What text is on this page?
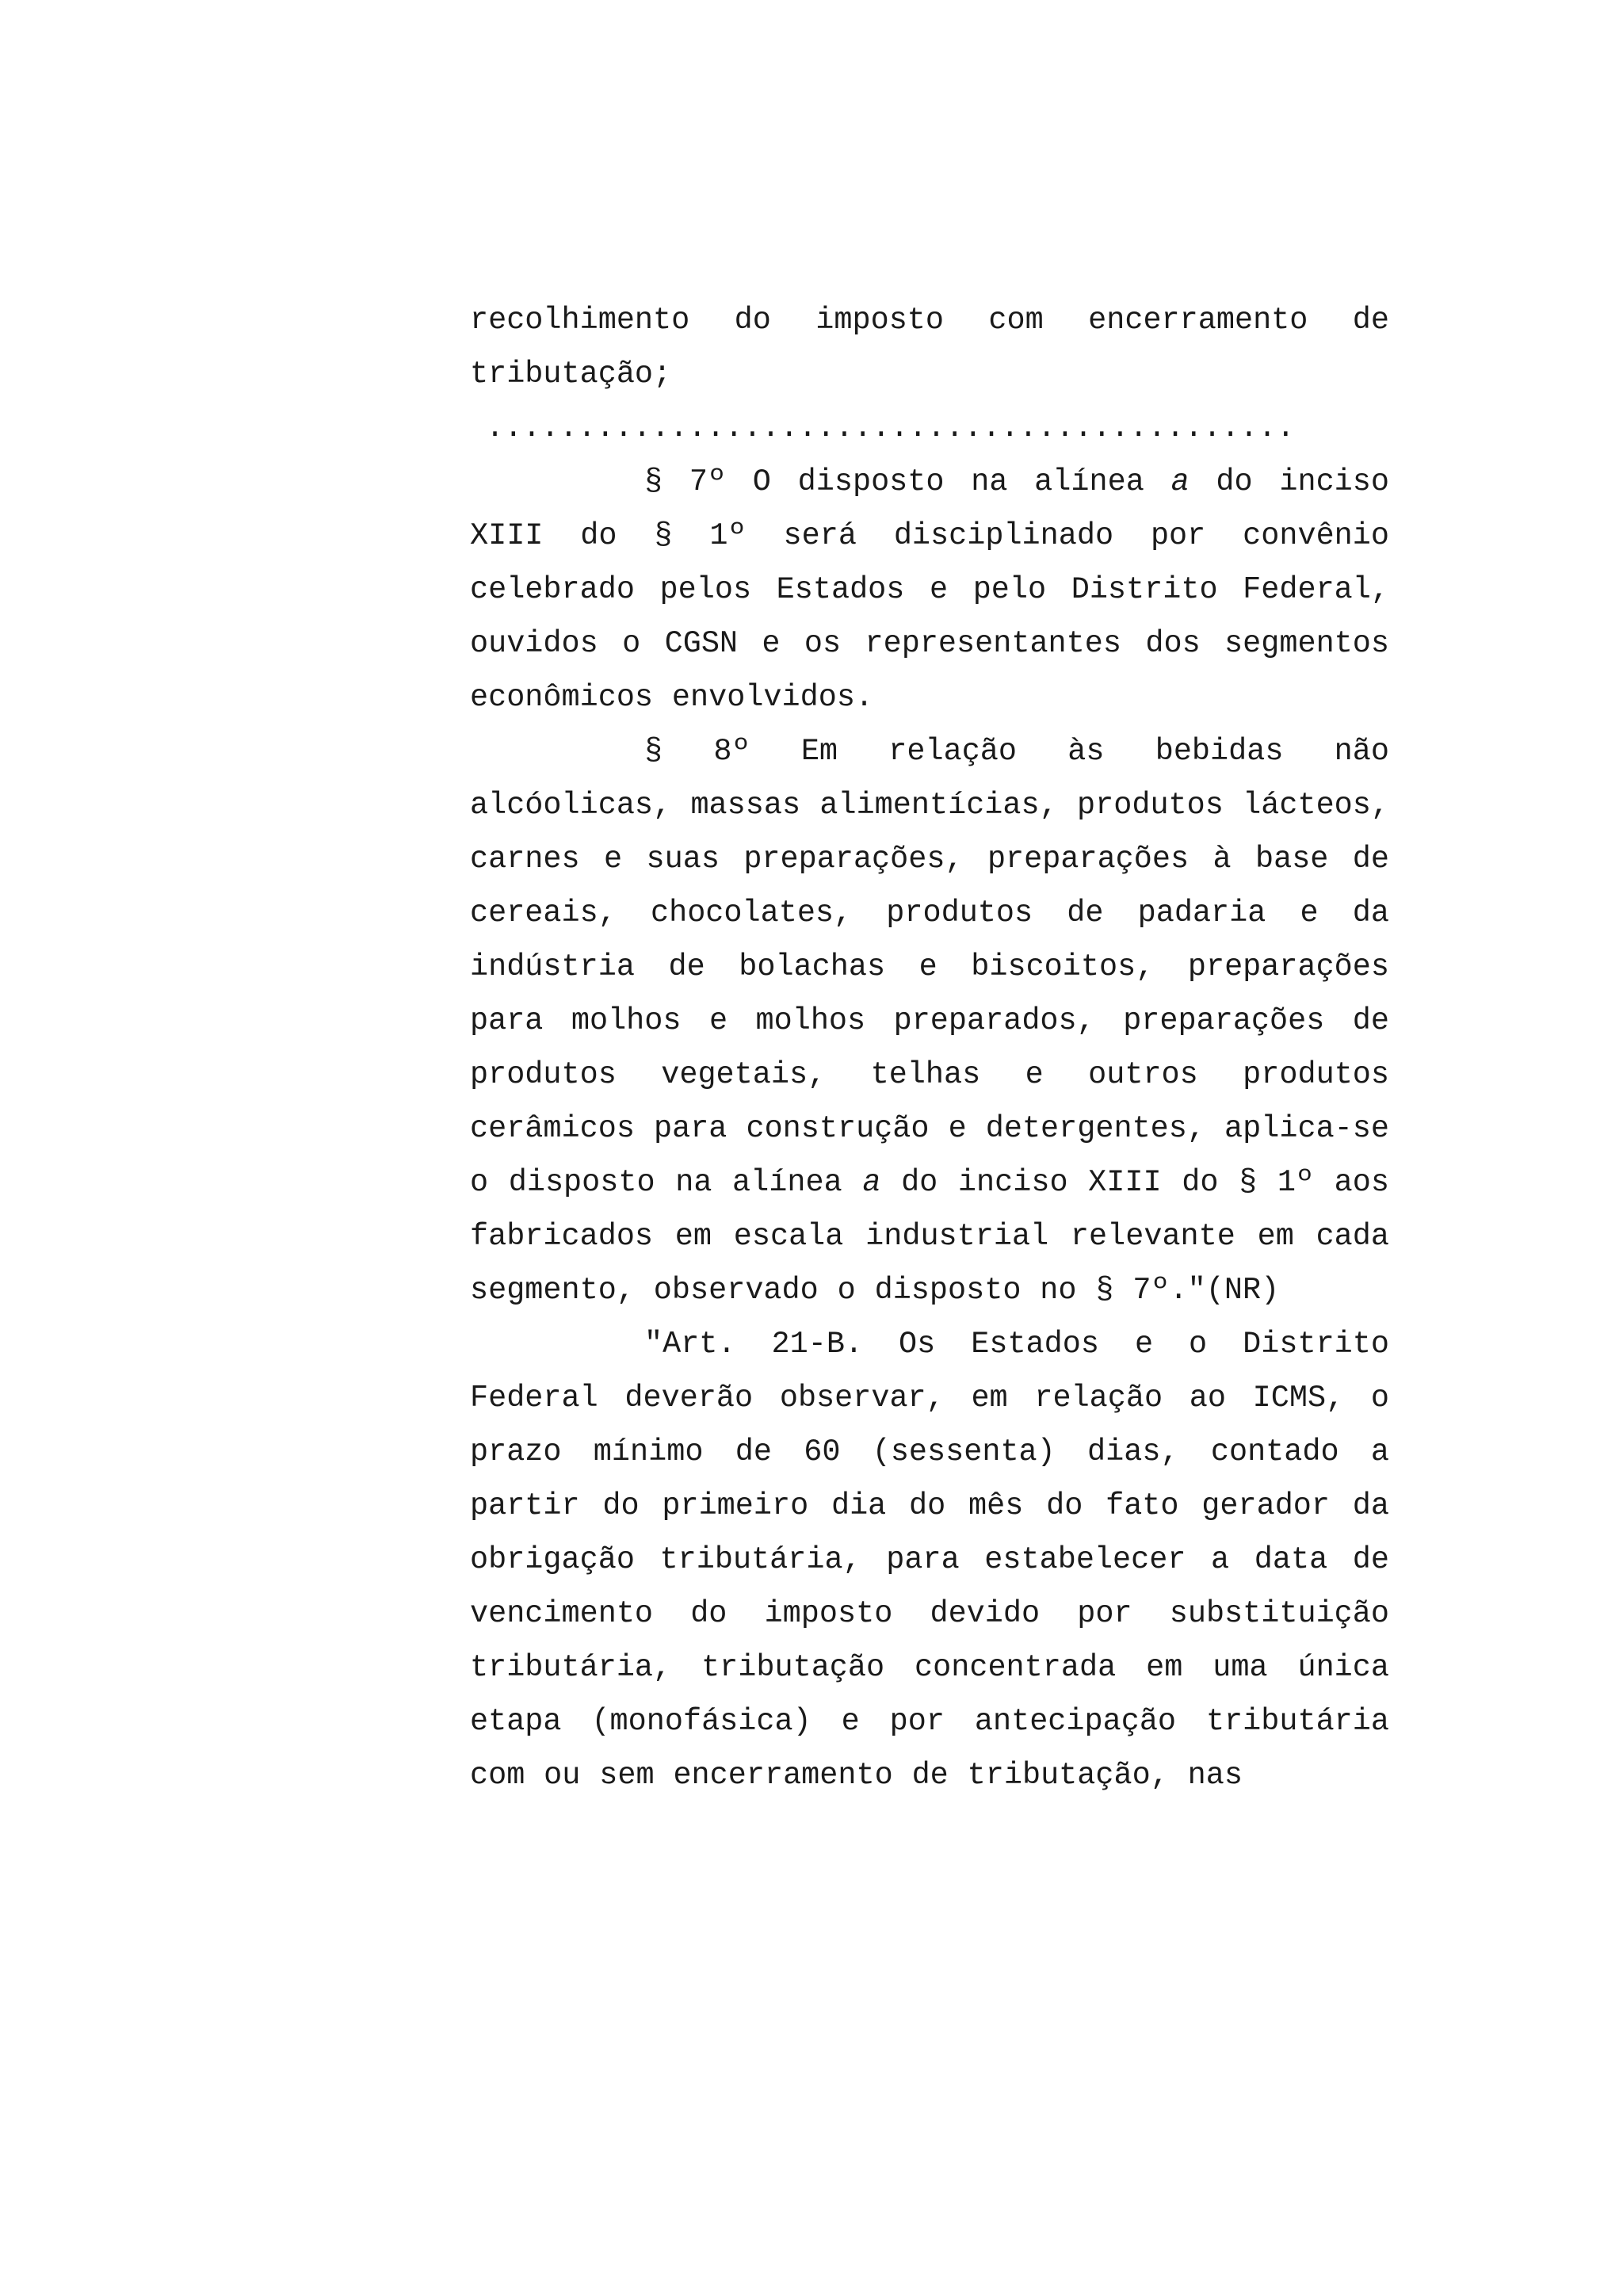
recolhimento do imposto com encerramento de tributação;

............................................

§ 7º O disposto na alínea a do inciso XIII do § 1º será disciplinado por convênio celebrado pelos Estados e pelo Distrito Federal, ouvidos o CGSN e os representantes dos segmentos econômicos envolvidos.

§ 8º Em relação às bebidas não alcóolicas, massas alimentícias, produtos lácteos, carnes e suas preparações, preparações à base de cereais, chocolates, produtos de padaria e da indústria de bolachas e biscoitos, preparações para molhos e molhos preparados, preparações de produtos vegetais, telhas e outros produtos cerâmicos para construção e detergentes, aplica-se o disposto na alínea a do inciso XIII do § 1º aos fabricados em escala industrial relevante em cada segmento, observado o disposto no § 7º."(NR)

"Art. 21-B. Os Estados e o Distrito Federal deverão observar, em relação ao ICMS, o prazo mínimo de 60 (sessenta) dias, contado a partir do primeiro dia do mês do fato gerador da obrigação tributária, para estabelecer a data de vencimento do imposto devido por substituição tributária, tributação concentrada em uma única etapa (monofásica) e por antecipação tributária com ou sem encerramento de tributação, nas
